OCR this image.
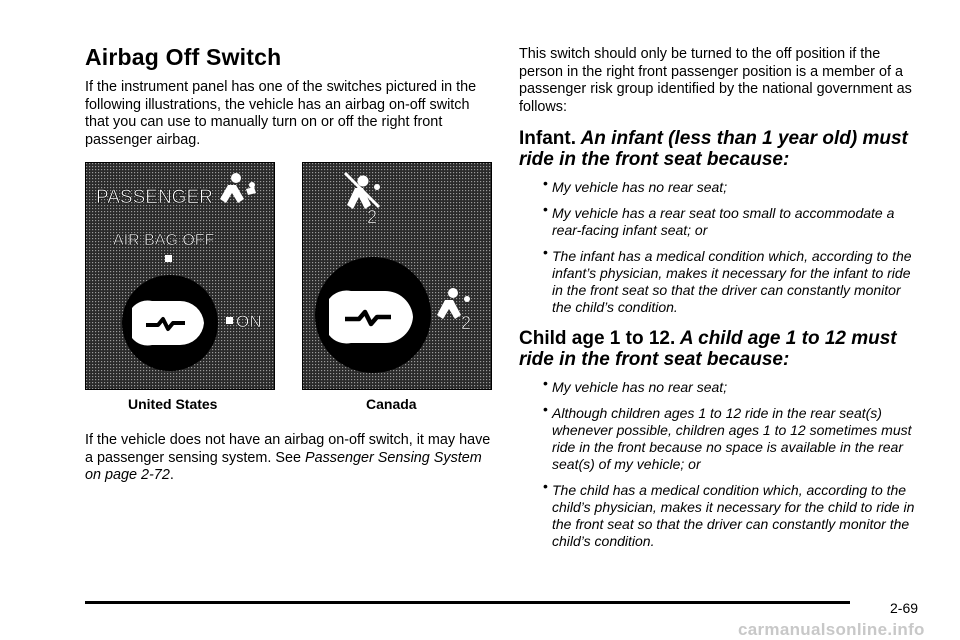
Airbag Off Switch

If the instrument panel has one of the switches pictured in the following illustrations, the vehicle has an airbag on-off switch that you can use to manually turn on or off the right front passenger airbag.

PASSENGER
AIR BAG OFF
ON
United States
2
2
Canada

If the vehicle does not have an airbag on-off switch, it may have a passenger sensing system. See Passenger Sensing System on page 2-72.

This switch should only be turned to the off position if the person in the right front passenger position is a member of a passenger risk group identified by the national government as follows:

Infant. An infant (less than 1 year old) must ride in the front seat because:
• My vehicle has no rear seat;
• My vehicle has a rear seat too small to accommodate a rear-facing infant seat; or
• The infant has a medical condition which, according to the infant’s physician, makes it necessary for the infant to ride in the front seat so that the driver can constantly monitor the child’s condition.
Child age 1 to 12. A child age 1 to 12 must ride in the front seat because:
• My vehicle has no rear seat;
• Although children ages 1 to 12 ride in the rear seat(s) whenever possible, children ages 1 to 12 sometimes must ride in the front because no space is available in the rear seat(s) of my vehicle; or
• The child has a medical condition which, according to the child’s physician, makes it necessary for the child to ride in the front seat so that the driver can constantly monitor the child’s condition.
2-69
carmanualsonline.info
